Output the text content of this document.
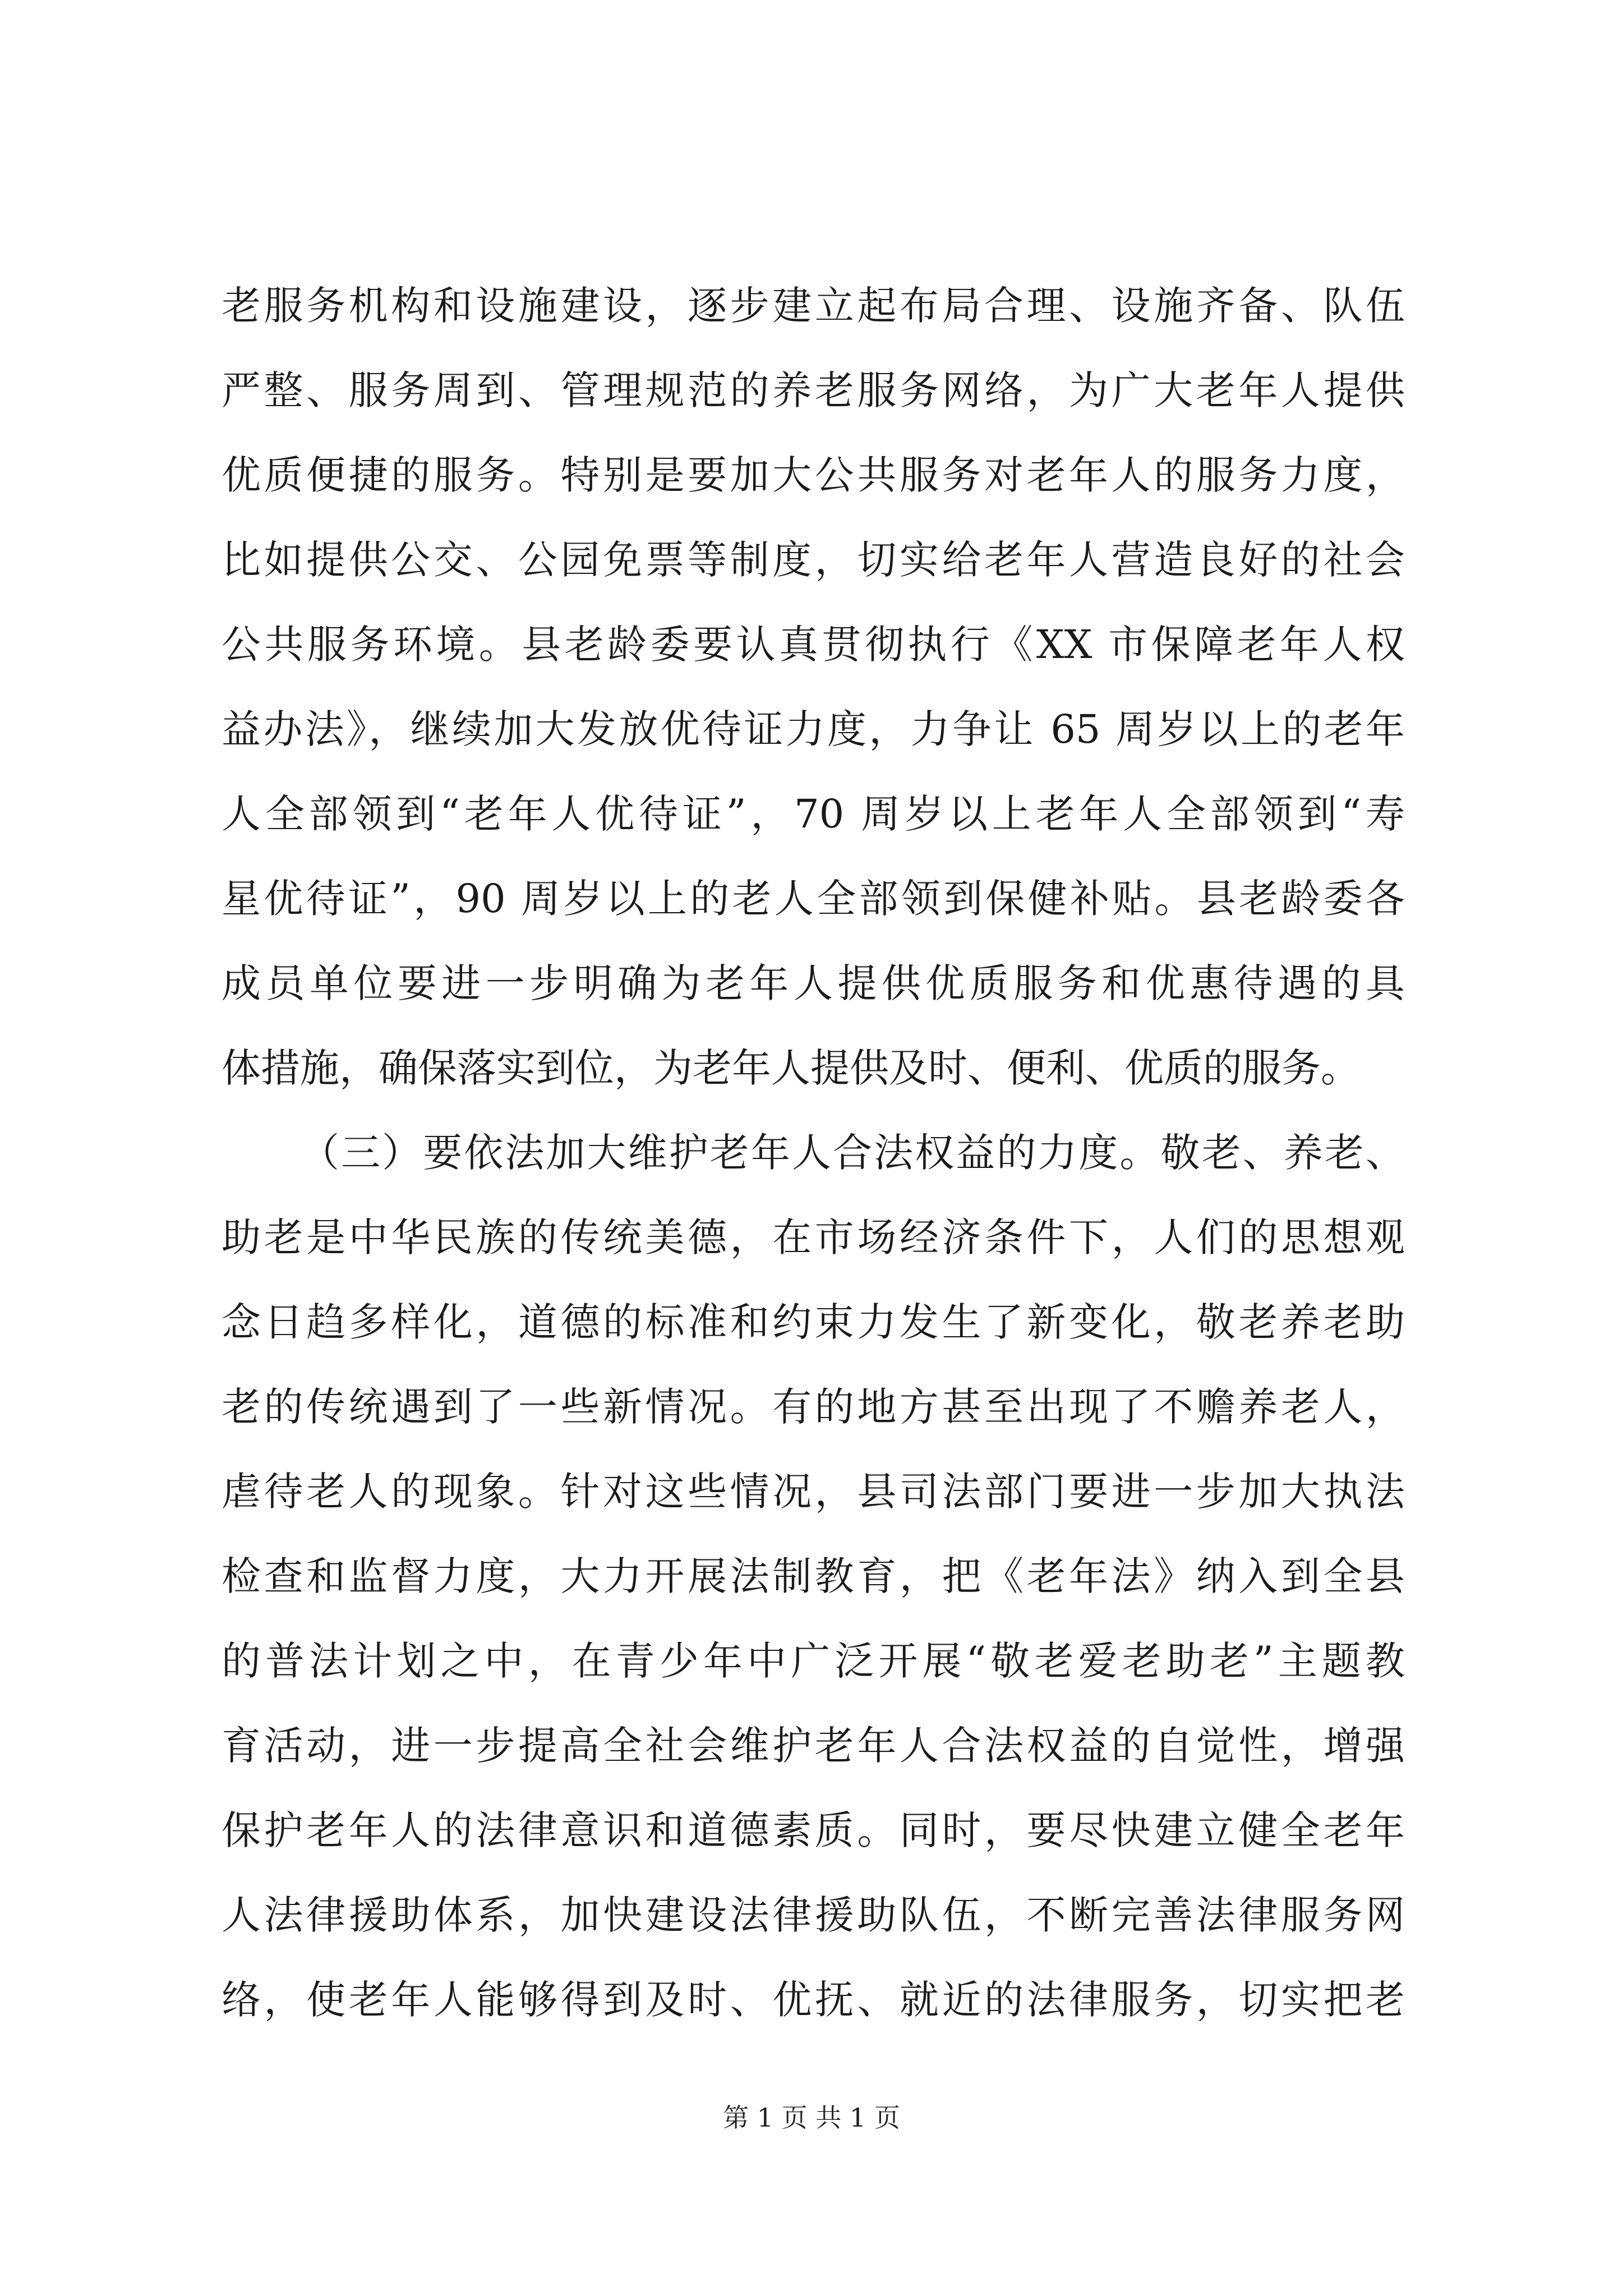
老服务机构和设施建设，逐步建立起布局合理、设施齐备、队伍
严整、服务周到、管理规范的养老服务网络，为广大老年人提供
优质便捷的服务。特别是要加大公共服务对老年人的服务力度，
比如提供公交、公园免票等制度，切实给老年人营造良好的社会
公共服务环境。县老龄委要认真贯彻执行《XX 市保障老年人权
益办法》，继续加大发放优待证力度，力争让 65 周岁以上的老年
人全部领到“老年人优待证”，70 周岁以上老年人全部领到“寿
星优待证”，90 周岁以上的老人全部领到保健补贴。县老龄委各
成员单位要进一步明确为老年人提供优质服务和优惠待遇的具
体措施，确保落实到位，为老年人提供及时、便利、优质的服务。
（三）要依法加大维护老年人合法权益的力度。敬老、养老、
助老是中华民族的传统美德，在市场经济条件下，人们的思想观
念日趋多样化，道德的标准和约束力发生了新变化，敬老养老助
老的传统遇到了一些新情况。有的地方甚至出现了不赡养老人，
虐待老人的现象。针对这些情况，县司法部门要进一步加大执法
检查和监督力度，大力开展法制教育，把《老年法》纳入到全县
的普法计划之中，在青少年中广泛开展“敬老爱老助老”主题教
育活动，进一步提高全社会维护老年人合法权益的自觉性，增强
保护老年人的法律意识和道德素质。同时，要尽快建立健全老年
人法律援助体系，加快建设法律援助队伍，不断完善法律服务网
络，使老年人能够得到及时、优抚、就近的法律服务，切实把老
第 1 页 共 1 页
